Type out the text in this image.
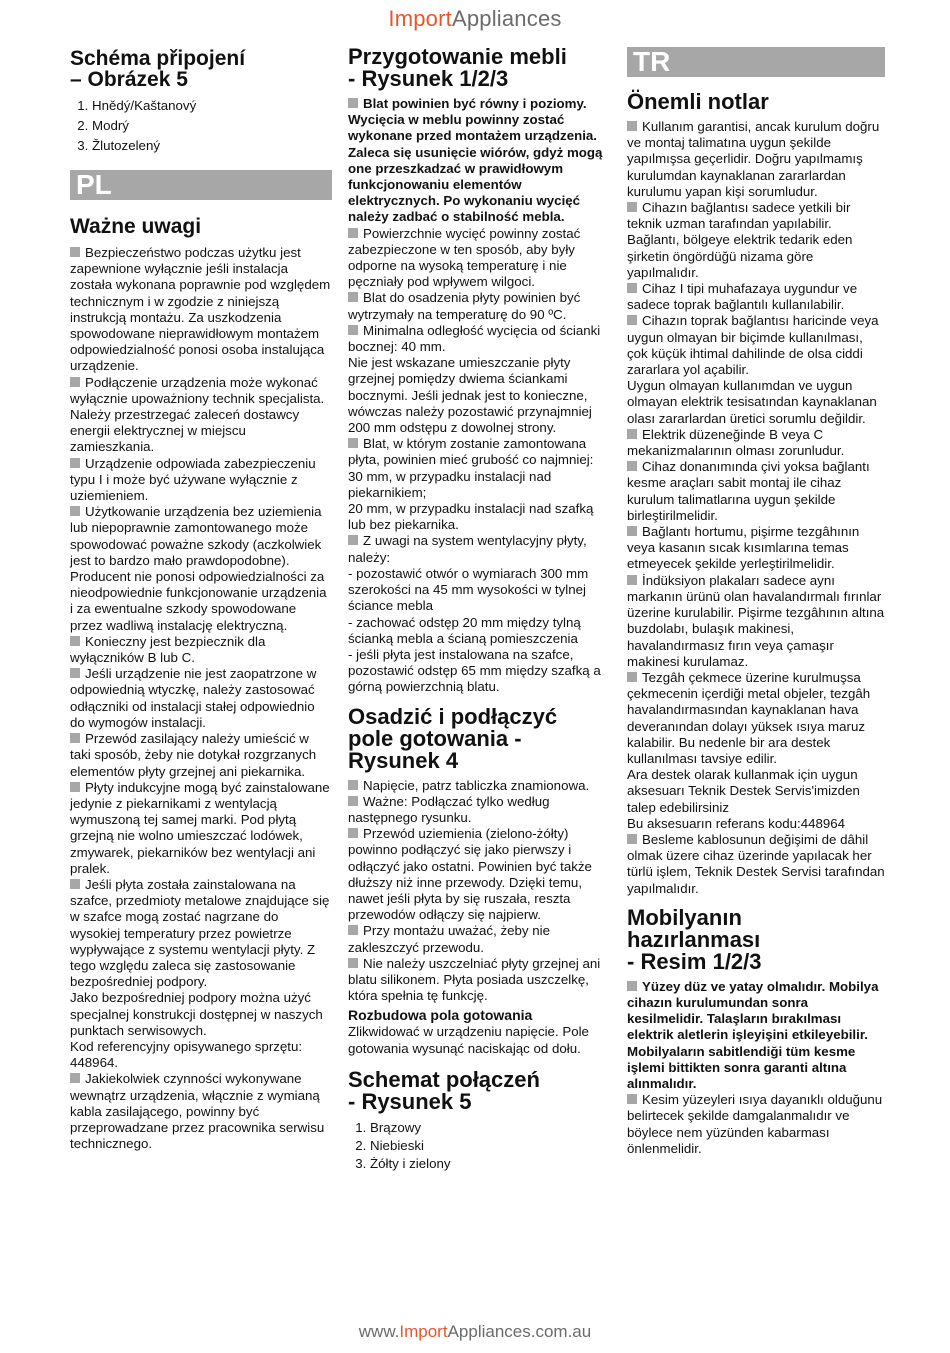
ImportAppliances
Schéma připojení
– Obrázek 5
1. Hnědý/Kaštanový
2. Modrý
3. Žlutozelený
PL
Ważne uwagi

Bezpieczeństwo podczas użytku jest zapewnione wyłącznie jeśli instalacja została wykonana poprawnie pod względem technicznym i w zgodzie z niniejszą instrukcją montażu. Za uszkodzenia spowodowane nieprawidłowym montażem odpowiedzialność ponosi osoba instalująca urządzenie.

Podłączenie urządzenia może wykonać wyłącznie upoważniony technik specjalista. Należy przestrzegać zaleceń dostawcy energii elektrycznej w miejscu zamieszkania.

Urządzenie odpowiada zabezpieczeniu typu I i może być używane wyłącznie z uziemieniem.

Użytkowanie urządzenia bez uziemienia lub niepoprawnie zamontowanego może spowodować poważne szkody (aczkolwiek jest to bardzo mało prawdopodobne). Producent nie ponosi odpowiedzialności za nieodpowiednie funkcjonowanie urządzenia i za ewentualne szkody spowodowane przez wadliwą instalację elektryczną.

Konieczny jest bezpiecznik dla wyłączników B lub C.

Jeśli urządzenie nie jest zaopatrzone w odpowiednią wtyczkę, należy zastosować odłączniki od instalacji stałej odpowiednio do wymogów instalacji.

Przewód zasilający należy umieścić w taki sposób, żeby nie dotykał rozgrzanych elementów płyty grzejnej ani piekarnika.

Płyty indukcyjne mogą być zainstalowane jedynie z piekarnikami z wentylacją wymuszoną tej samej marki. Pod płytą grzejną nie wolno umieszczać lodówek, zmywarek, piekarników bez wentylacji ani pralek.

Jeśli płyta została zainstalowana na szafce, przedmioty metalowe znajdujące się w szafce mogą zostać nagrzane do wysokiej temperatury przez powietrze wypływające z systemu wentylacji płyty. Z tego względu zaleca się zastosowanie bezpośredniej podpory.

Jako bezpośredniej podpory można użyć specjalnej konstrukcji dostępnej w naszych punktach serwisowych.

Kod referencyjny opisywanego sprzętu: 448964.

Jakiekolwiek czynności wykonywane wewnątrz urządzenia, włącznie z wymianą kabla zasilającego, powinny być przeprowadzane przez pracownika serwisu technicznego.

Przygotowanie mebli
- Rysunek 1/2/3

Blat powinien być równy i poziomy. Wycięcia w meblu powinny zostać wykonane przed montażem urządzenia. Zaleca się usunięcie wiórów, gdyż mogą one przeszkadzać w prawidłowym funkcjonowaniu elementów elektrycznych. Po wykonaniu wycięć należy zadbać o stabilność mebla.

Powierzchnie wycięć powinny zostać zabezpieczone w ten sposób, aby były odporne na wysoką temperaturę i nie pęczniały pod wpływem wilgoci.

Blat do osadzenia płyty powinien być wytrzymały na temperaturę do 90 ºC.

Minimalna odległość wycięcia od ścianki bocznej: 40 mm.

Nie jest wskazane umieszczanie płyty grzejnej pomiędzy dwiema ściankami bocznymi. Jeśli jednak jest to konieczne, wówczas należy pozostawić przynajmniej 200 mm odstępu z dowolnej strony.

Blat, w którym zostanie zamontowana płyta, powinien mieć grubość co najmniej:

30 mm, w przypadku instalacji nad piekarnikiem;

20 mm, w przypadku instalacji nad szafką lub bez piekarnika.

Z uwagi na system wentylacyjny płyty, należy:

- pozostawić otwór o wymiarach 300 mm szerokości na 45 mm wysokości w tylnej ściance mebla

- zachować odstęp 20 mm między tylną ścianką mebla a ścianą pomieszczenia

- jeśli płyta jest instalowana na szafce, pozostawić odstęp 65 mm między szafką a górną powierzchnią blatu.

Osadzić i podłączyć
pole gotowania -
Rysunek 4

Napięcie, patrz tabliczka znamionowa.

Ważne: Podłączać tylko według następnego rysunku.

Przewód uziemienia (zielono-żółty) powinno podłączyć się jako pierwszy i odłączyć jako ostatni. Powinien być także dłuższy niż inne przewody. Dzięki temu, nawet jeśli płyta by się ruszała, reszta przewodów odłączy się najpierw.

Przy montażu uważać, żeby nie zakleszczyć przewodu.

Nie należy uszczelniać płyty grzejnej ani blatu silikonem. Płyta posiada uszczelkę, która spełnia tę funkcję.

Rozbudowa pola gotowania

Zlikwidować w urządzeniu napięcie. Pole gotowania wysunąć naciskając od dołu.

Schemat połączeń
- Rysunek 5
1. Brązowy
2. Niebieski
3. Żółty i zielony
TR
Önemli notlar

Kullanım garantisi, ancak kurulum doğru ve montaj talimatına uygun şekilde yapılmışsa geçerlidir. Doğru yapılmamış kurulumdan kaynaklanan zararlardan kurulumu yapan kişi sorumludur.

Cihazın bağlantısı sadece yetkili bir teknik uzman tarafından yapılabilir. Bağlantı, bölgeye elektrik tedarik eden şirketin öngördüğü nizama göre yapılmalıdır.

Cihaz I tipi muhafazaya uygundur ve sadece toprak bağlantılı kullanılabilir.

Cihazın toprak bağlantısı haricinde veya uygun olmayan bir biçimde kullanılması, çok küçük ihtimal dahilinde de olsa ciddi zararlara yol açabilir.

Uygun olmayan kullanımdan ve uygun olmayan elektrik tesisatından kaynaklanan olası zararlardan üretici sorumlu değildir.

Elektrik düzeneğinde B veya C mekanizmalarının olması zorunludur.

Cihaz donanımında çivi yoksa bağlantı kesme araçları sabit montaj ile cihaz kurulum talimatlarına uygun şekilde birleştirilmelidir.

Bağlantı hortumu, pişirme tezgâhının veya kasanın sıcak kısımlarına temas etmeyecek şekilde yerleştirilmelidir.

İndüksiyon plakaları sadece aynı markanın ürünü olan havalandırmalı fırınlar üzerine kurulabilir. Pişirme tezgâhının altına buzdolabı, bulaşık makinesi, havalandırmasız fırın veya çamaşır makinesi kurulamaz.

Tezgâh çekmece üzerine kurulmuşsa çekmecenin içerdiği metal objeler, tezgâh havalandırmasından kaynaklanan hava deveranından dolayı yüksek ısıya maruz kalabilir. Bu nedenle bir ara destek kullanılması tavsiye edilir.

Ara destek olarak kullanmak için uygun aksesuarı Teknik Destek Servis'imizden talep edebilirsiniz

Bu aksesuarın referans kodu:448964

Besleme kablosunun değişimi de dâhil olmak üzere cihaz üzerinde yapılacak her türlü işlem, Teknik Destek Servisi tarafından yapılmalıdır.

Mobilyanın
hazırlanması
- Resim 1/2/3

Yüzey düz ve yatay olmalıdır. Mobilya cihazın kurulumundan sonra kesilmelidir. Talaşların bırakılması elektrik aletlerin işleyişini etkileyebilir. Mobilyaların sabitlendiği tüm kesme işlemi bittikten sonra garanti altına alınmalıdır.

Kesim yüzeyleri ısıya dayanıklı olduğunu belirtecek şekilde damgalanmalıdır ve böylece nem yüzünden kabarması önlenmelidir.

www.ImportAppliances.com.au
